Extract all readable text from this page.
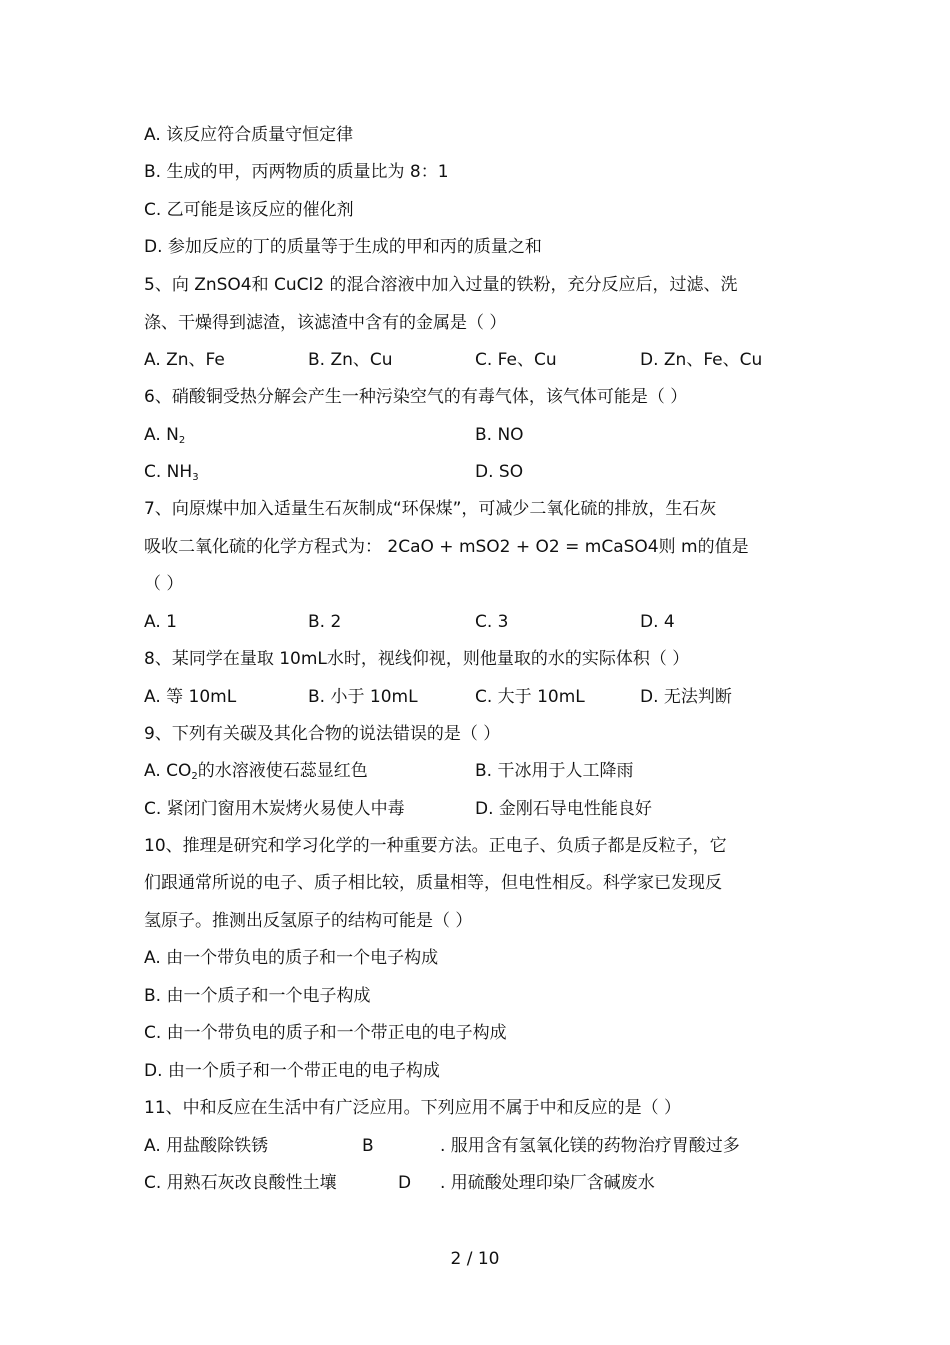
A. 该反应符合质量守恒定律
B. 生成的甲，丙两物质的质量比为 8：1
C. 乙可能是该反应的催化剂
D. 参加反应的丁的质量等于生成的甲和丙的质量之和
5、向 ZnSO4和 CuCl2 的混合溶液中加入过量的铁粉，充分反应后，过滤、洗
涤、干燥得到滤渣，该滤渣中含有的金属是（ ）
A. Zn、Fe	B. Zn、Cu	C. Fe、Cu	D. Zn、Fe、Cu
6、硝酸铜受热分解会产生一种污染空气的有毒气体，该气体可能是（ ）
A. $N_2$	B. NO
C. $NH_3$	D. SO
7、向原煤中加入适量生石灰制成“环保煤”，可减少二氧化硫的排放，生石灰
吸收二氧化硫的化学方程式为： 2CaO + mSO2 + O2 = mCaSO4则 m的值是
（ ）
A. 1	B. 2	C. 3	D. 4
8、某同学在量取 10mL水时，视线仰视，则他量取的水的实际体积（ ）
A. 等 10mL	B. 小于 10mL	C. 大于 10mL	D. 无法判断
9、下列有关碳及其化合物的说法错误的是（ ）
A. $CO_2$的水溶液使石蕊显红色	B. 干冰用于人工降雨
C. 紧闭门窗用木炭烤火易使人中毒	D. 金刚石导电性能良好
10、推理是研究和学习化学的一种重要方法。正电子、负质子都是反粒子，它
们跟通常所说的电子、质子相比较，质量相等，但电性相反。科学家已发现反
氢原子。推测出反氢原子的结构可能是（ ）
A. 由一个带负电的质子和一个电子构成
B. 由一个质子和一个电子构成
C. 由一个带负电的质子和一个带正电的电子构成
D. 由一个质子和一个带正电的电子构成
11、中和反应在生活中有广泛应用。下列应用不属于中和反应的是（ ）
A. 用盐酸除铁锈	B	. 服用含有氢氧化镁的药物治疗胃酸过多
C. 用熟石灰改良酸性土壤	D . 用硫酸处理印染厂含碱废水
2 / 10
